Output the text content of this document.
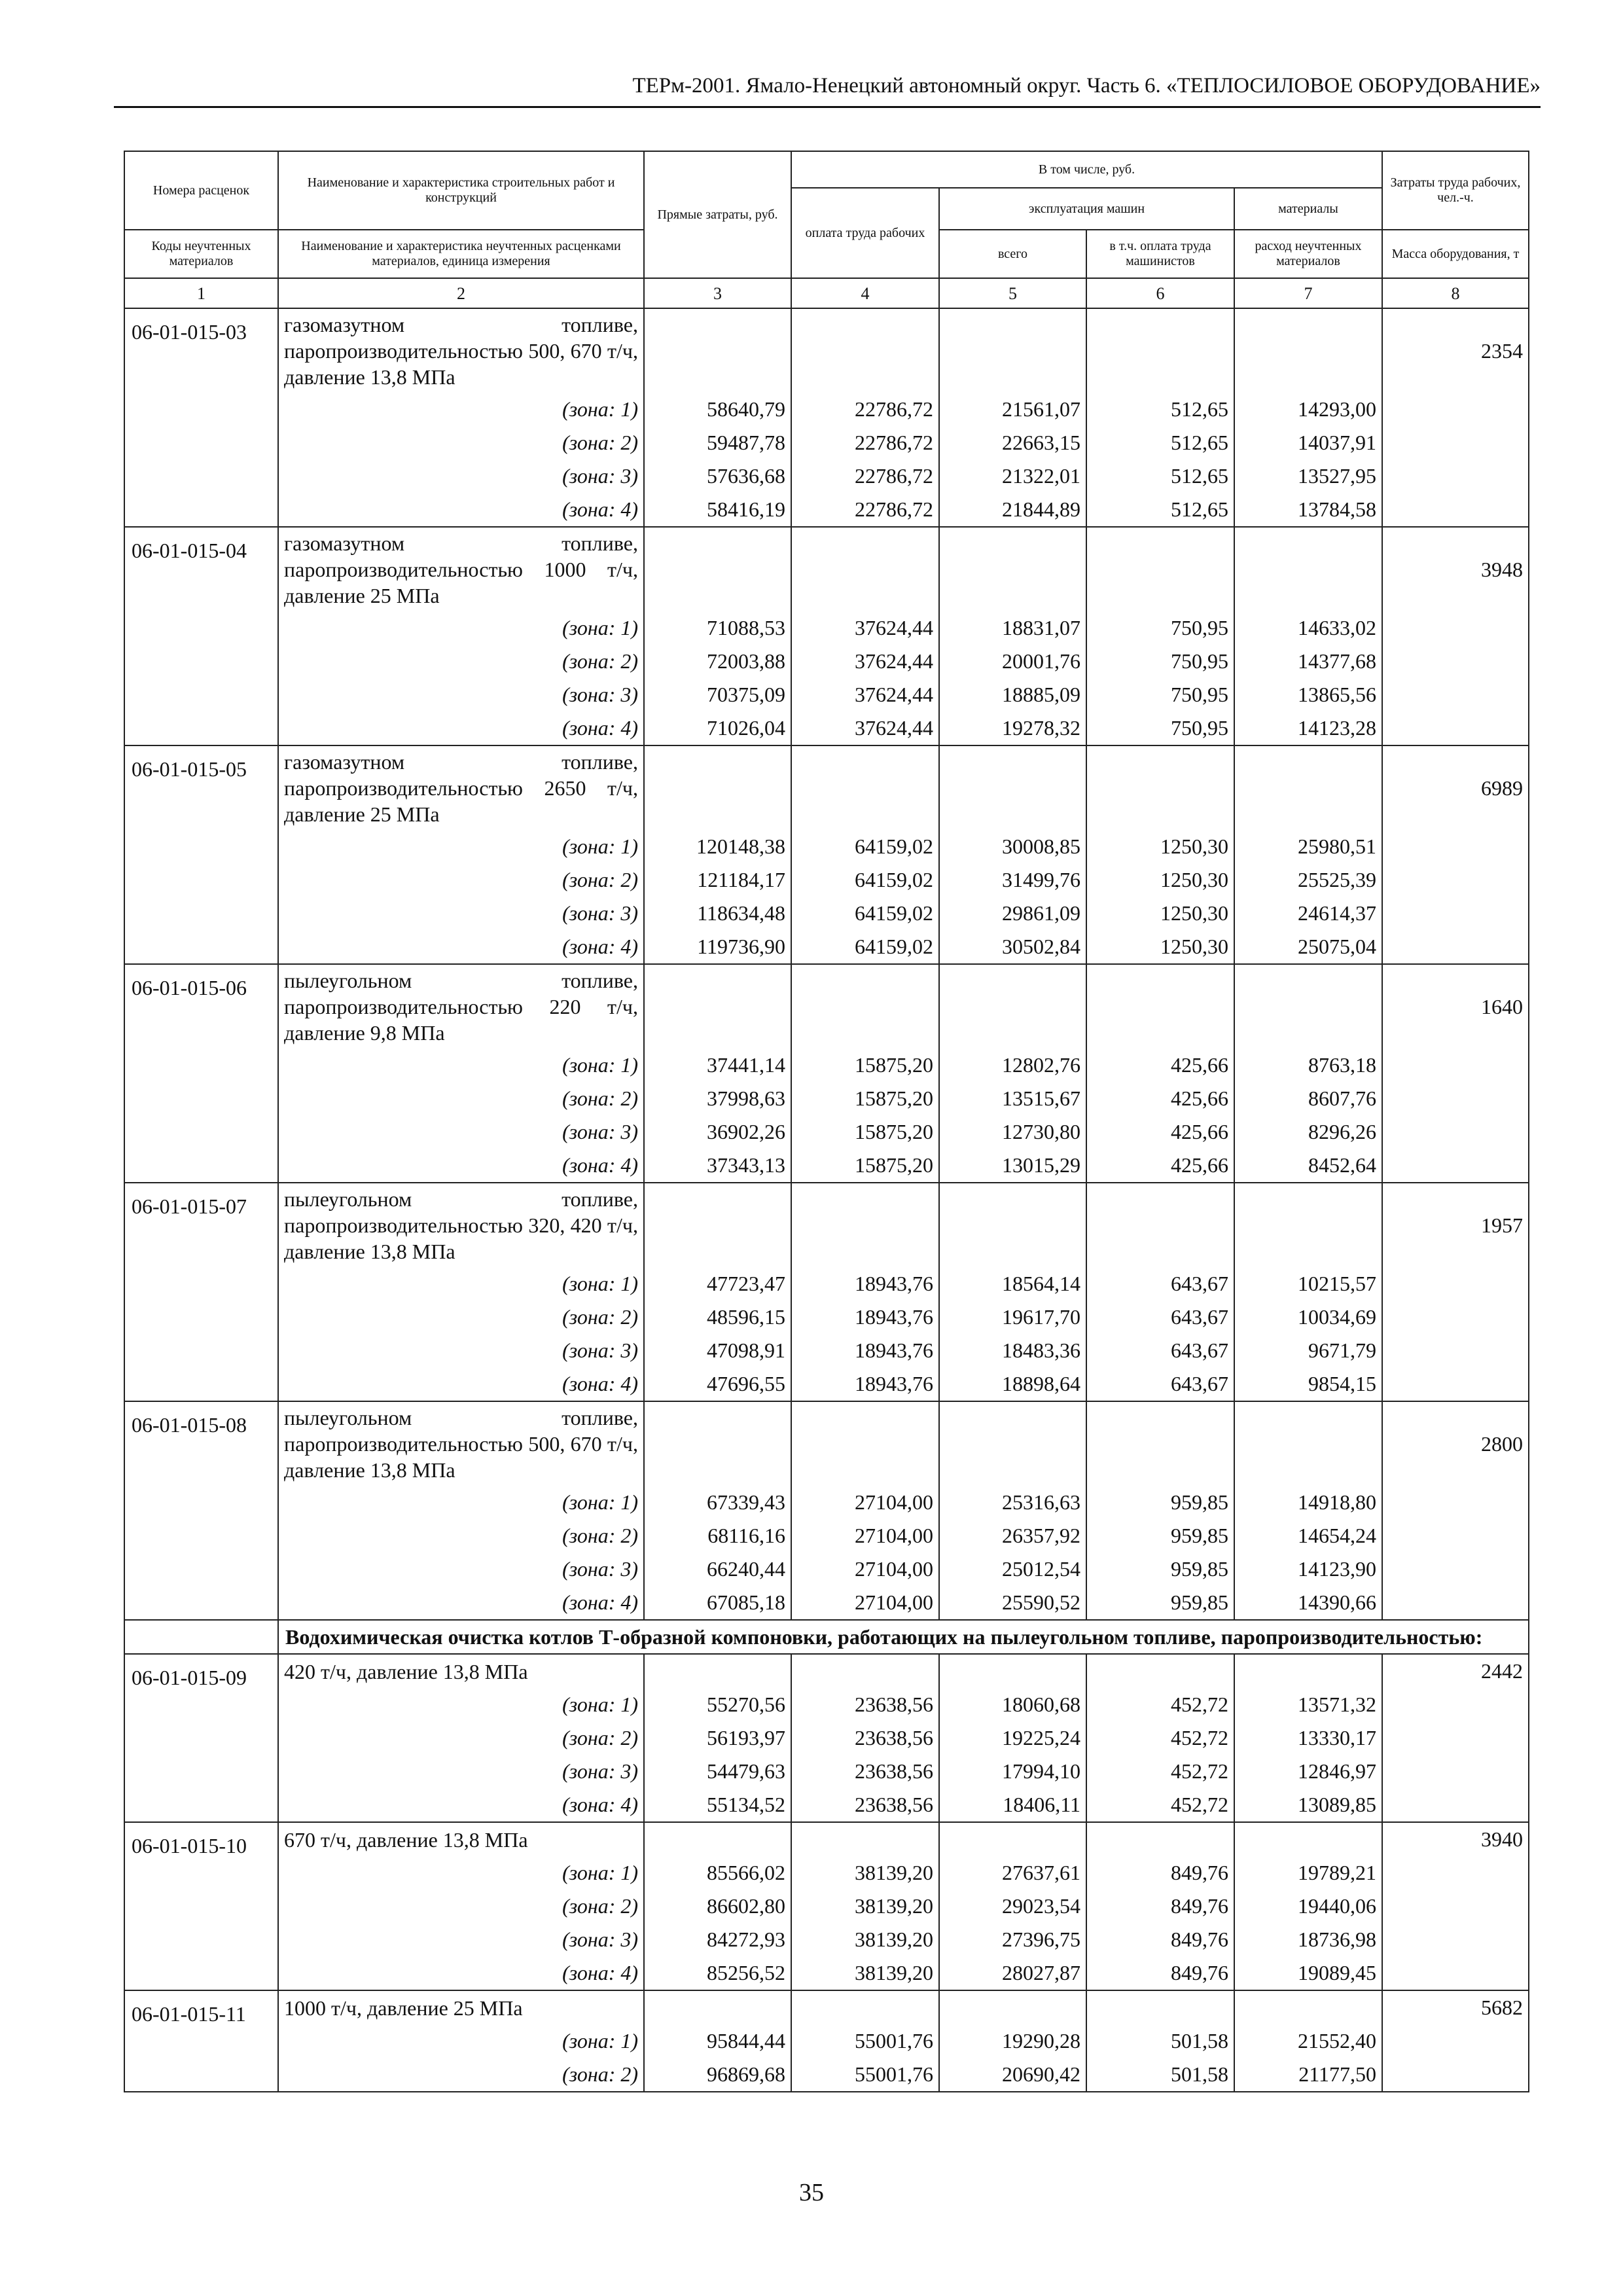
ТЕРм-2001. Ямало-Ненецкий автономный округ. Часть 6. «ТЕПЛОСИЛОВОЕ ОБОРУДОВАНИЕ»
Номера расценок	Наименование и характеристика строительных работ и конструкций	Прямые затраты, руб.	В том числе, руб.				Затраты труда рабочих, чел.-ч.
			оплата труда рабочих	эксплуатация машин		материалы	
Коды неучтенных материалов	Наименование и характеристика неучтенных расценками материалов, единица измерения			всего	в т.ч. оплата труда машинистов	расход неучтенных материалов	Масса оборудования, т
1	2	3	4	5	6	7	8
06-01-015-03	газомазутном топливе, паропроизводительностью 500, 670 т/ч, давление 13,8 МПа						2354
	(зона: 1)	58640,79	22786,72	21561,07	512,65	14293,00	
	(зона: 2)	59487,78	22786,72	22663,15	512,65	14037,91	
	(зона: 3)	57636,68	22786,72	21322,01	512,65	13527,95	
	(зона: 4)	58416,19	22786,72	21844,89	512,65	13784,58	
06-01-015-04	газомазутном топливе, паропроизводительностью 1000 т/ч, давление 25 МПа						3948
	(зона: 1)	71088,53	37624,44	18831,07	750,95	14633,02	
	(зона: 2)	72003,88	37624,44	20001,76	750,95	14377,68	
	(зона: 3)	70375,09	37624,44	18885,09	750,95	13865,56	
	(зона: 4)	71026,04	37624,44	19278,32	750,95	14123,28	
06-01-015-05	газомазутном топливе, паропроизводительностью 2650 т/ч, давление 25 МПа						6989
	(зона: 1)	120148,38	64159,02	30008,85	1250,30	25980,51	
	(зона: 2)	121184,17	64159,02	31499,76	1250,30	25525,39	
	(зона: 3)	118634,48	64159,02	29861,09	1250,30	24614,37	
	(зона: 4)	119736,90	64159,02	30502,84	1250,30	25075,04	
06-01-015-06	пылеугольном топливе, паропроизводительностью 220 т/ч, давление 9,8 МПа						1640
	(зона: 1)	37441,14	15875,20	12802,76	425,66	8763,18	
	(зона: 2)	37998,63	15875,20	13515,67	425,66	8607,76	
	(зона: 3)	36902,26	15875,20	12730,80	425,66	8296,26	
	(зона: 4)	37343,13	15875,20	13015,29	425,66	8452,64	
06-01-015-07	пылеугольном топливе, паропроизводительностью 320, 420 т/ч, давление 13,8 МПа						1957
	(зона: 1)	47723,47	18943,76	18564,14	643,67	10215,57	
	(зона: 2)	48596,15	18943,76	19617,70	643,67	10034,69	
	(зона: 3)	47098,91	18943,76	18483,36	643,67	9671,79	
	(зона: 4)	47696,55	18943,76	18898,64	643,67	9854,15	
06-01-015-08	пылеугольном топливе, паропроизводительностью 500, 670 т/ч, давление 13,8 МПа						2800
	(зона: 1)	67339,43	27104,00	25316,63	959,85	14918,80	
	(зона: 2)	68116,16	27104,00	26357,92	959,85	14654,24	
	(зона: 3)	66240,44	27104,00	25012,54	959,85	14123,90	
	(зона: 4)	67085,18	27104,00	25590,52	959,85	14390,66	
	Водохимическая очистка котлов Т-образной компоновки, работающих на пылеугольном топливе, паропроизводительностью:						
06-01-015-09	420 т/ч, давление 13,8 МПа						2442
	(зона: 1)	55270,56	23638,56	18060,68	452,72	13571,32	
	(зона: 2)	56193,97	23638,56	19225,24	452,72	13330,17	
	(зона: 3)	54479,63	23638,56	17994,10	452,72	12846,97	
	(зона: 4)	55134,52	23638,56	18406,11	452,72	13089,85	
06-01-015-10	670 т/ч, давление 13,8 МПа						3940
	(зона: 1)	85566,02	38139,20	27637,61	849,76	19789,21	
	(зона: 2)	86602,80	38139,20	29023,54	849,76	19440,06	
	(зона: 3)	84272,93	38139,20	27396,75	849,76	18736,98	
	(зона: 4)	85256,52	38139,20	28027,87	849,76	19089,45	
06-01-015-11	1000 т/ч, давление 25 МПа						5682
	(зона: 1)	95844,44	55001,76	19290,28	501,58	21552,40	
	(зона: 2)	96869,68	55001,76	20690,42	501,58	21177,50	
35
